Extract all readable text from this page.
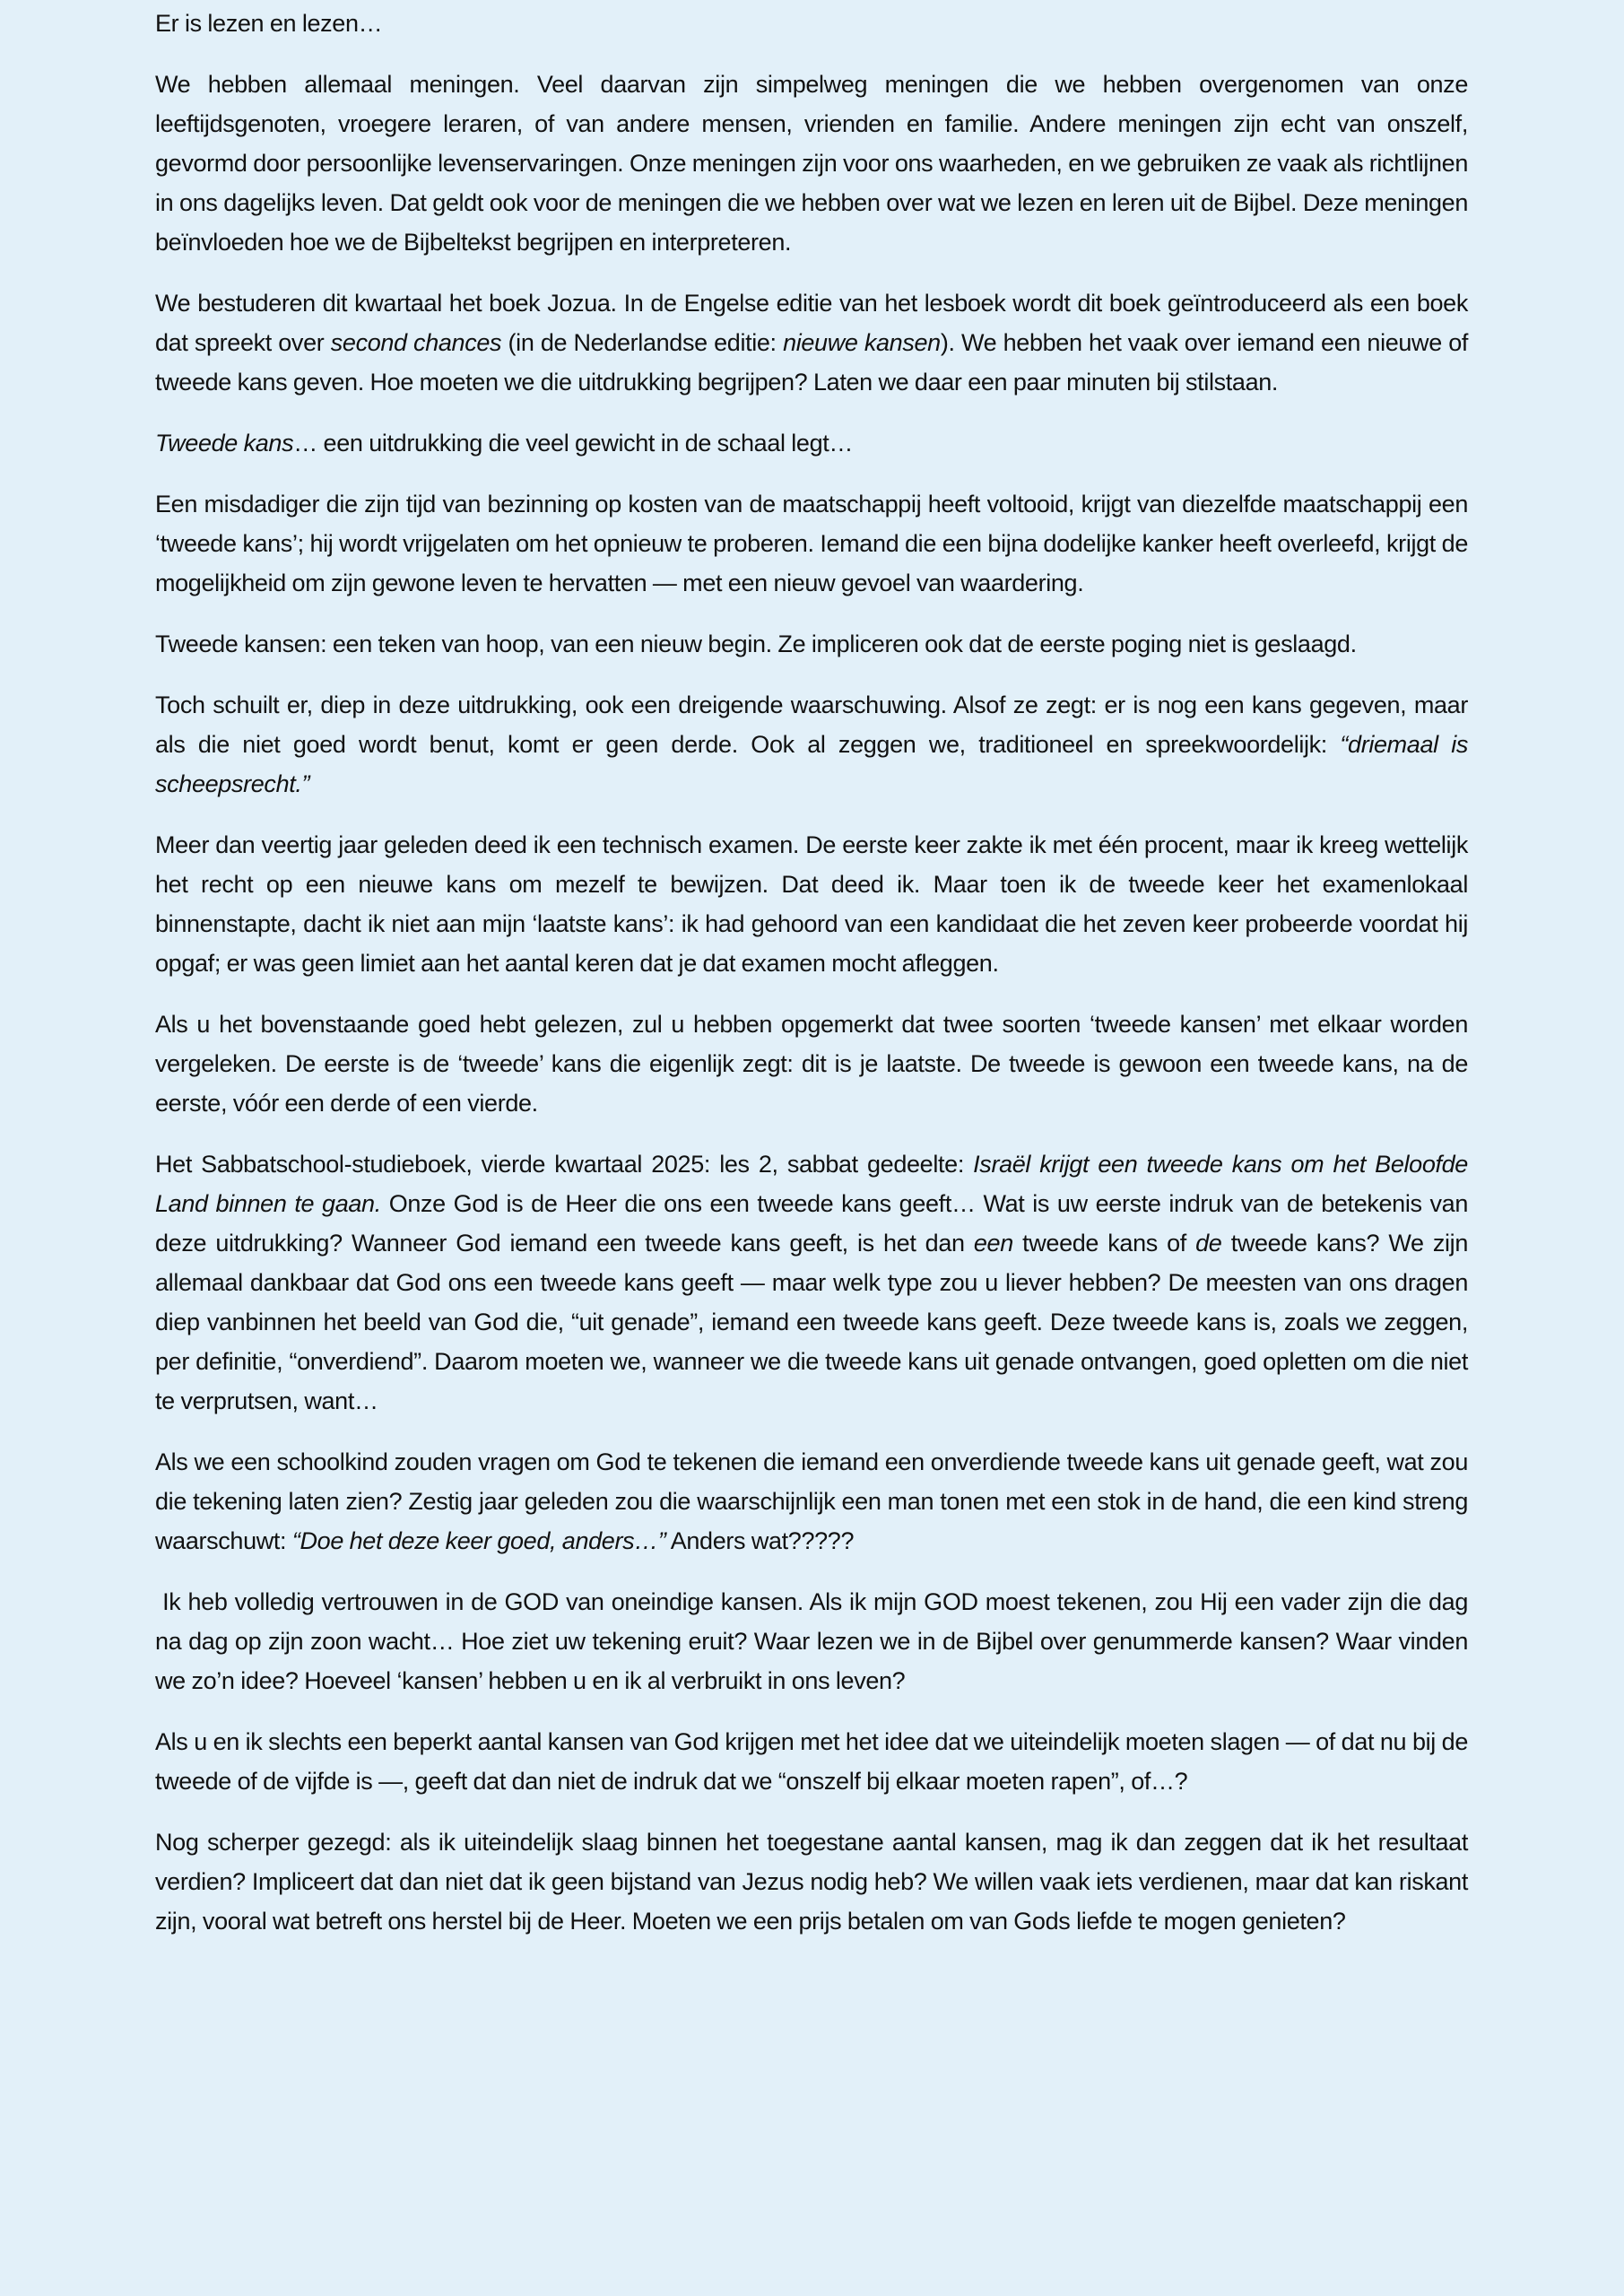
Er is lezen en lezen…

We hebben allemaal meningen. Veel daarvan zijn simpelweg meningen die we hebben overgenomen van onze leeftijdsgenoten, vroegere leraren, of van andere mensen, vrienden en familie. Andere meningen zijn echt van onszelf, gevormd door persoonlijke levenservaringen. Onze meningen zijn voor ons waarheden, en we gebruiken ze vaak als richtlijnen in ons dagelijks leven. Dat geldt ook voor de meningen die we hebben over wat we lezen en leren uit de Bijbel. Deze meningen beïnvloeden hoe we de Bijbeltekst begrijpen en interpreteren.

We bestuderen dit kwartaal het boek Jozua. In de Engelse editie van het lesboek wordt dit boek geïntroduceerd als een boek dat spreekt over second chances (in de Nederlandse editie: nieuwe kansen). We hebben het vaak over iemand een nieuwe of tweede kans geven. Hoe moeten we die uitdrukking begrijpen? Laten we daar een paar minuten bij stilstaan.

Tweede kans… een uitdrukking die veel gewicht in de schaal legt…

Een misdadiger die zijn tijd van bezinning op kosten van de maatschappij heeft voltooid, krijgt van diezelfde maatschappij een ‘tweede kans’; hij wordt vrijgelaten om het opnieuw te proberen. Iemand die een bijna dodelijke kanker heeft overleefd, krijgt de mogelijkheid om zijn gewone leven te hervatten — met een nieuw gevoel van waardering.

Tweede kansen: een teken van hoop, van een nieuw begin. Ze impliceren ook dat de eerste poging niet is geslaagd.

Toch schuilt er, diep in deze uitdrukking, ook een dreigende waarschuwing. Alsof ze zegt: er is nog een kans gegeven, maar als die niet goed wordt benut, komt er geen derde. Ook al zeggen we, traditioneel en spreekwoordelijk: “driemaal is scheepsrecht.”

Meer dan veertig jaar geleden deed ik een technisch examen. De eerste keer zakte ik met één procent, maar ik kreeg wettelijk het recht op een nieuwe kans om mezelf te bewijzen. Dat deed ik. Maar toen ik de tweede keer het examenlokaal binnenstapte, dacht ik niet aan mijn ‘laatste kans’: ik had gehoord van een kandidaat die het zeven keer probeerde voordat hij opgaf; er was geen limiet aan het aantal keren dat je dat examen mocht afleggen.

Als u het bovenstaande goed hebt gelezen, zul u hebben opgemerkt dat twee soorten ‘tweede kansen’ met elkaar worden vergeleken. De eerste is de ‘tweede’ kans die eigenlijk zegt: dit is je laatste. De tweede is gewoon een tweede kans, na de eerste, vóór een derde of een vierde.

Het Sabbatschool-studieboek, vierde kwartaal 2025: les 2, sabbat gedeelte: Israël krijgt een tweede kans om het Beloofde Land binnen te gaan. Onze God is de Heer die ons een tweede kans geeft… Wat is uw eerste indruk van de betekenis van deze uitdrukking? Wanneer God iemand een tweede kans geeft, is het dan een tweede kans of de tweede kans? We zijn allemaal dankbaar dat God ons een tweede kans geeft — maar welk type zou u liever hebben? De meesten van ons dragen diep vanbinnen het beeld van God die, “uit genade”, iemand een tweede kans geeft. Deze tweede kans is, zoals we zeggen, per definitie, “onverdiend”. Daarom moeten we, wanneer we die tweede kans uit genade ontvangen, goed opletten om die niet te verprutsen, want…

Als we een schoolkind zouden vragen om God te tekenen die iemand een onverdiende tweede kans uit genade geeft, wat zou die tekening laten zien? Zestig jaar geleden zou die waarschijnlijk een man tonen met een stok in de hand, die een kind streng waarschuwt: “Doe het deze keer goed, anders…” Anders wat?????

Ik heb volledig vertrouwen in de GOD van oneindige kansen. Als ik mijn GOD moest tekenen, zou Hij een vader zijn die dag na dag op zijn zoon wacht… Hoe ziet uw tekening eruit? Waar lezen we in de Bijbel over genummerde kansen? Waar vinden we zo’n idee? Hoeveel ‘kansen’ hebben u en ik al verbruikt in ons leven?

Als u en ik slechts een beperkt aantal kansen van God krijgen met het idee dat we uiteindelijk moeten slagen — of dat nu bij de tweede of de vijfde is —, geeft dat dan niet de indruk dat we “onszelf bij elkaar moeten rapen”, of…?

Nog scherper gezegd: als ik uiteindelijk slaag binnen het toegestane aantal kansen, mag ik dan zeggen dat ik het resultaat verdien? Impliceert dat dan niet dat ik geen bijstand van Jezus nodig heb? We willen vaak iets verdienen, maar dat kan riskant zijn, vooral wat betreft ons herstel bij de Heer. Moeten we een prijs betalen om van Gods liefde te mogen genieten?
